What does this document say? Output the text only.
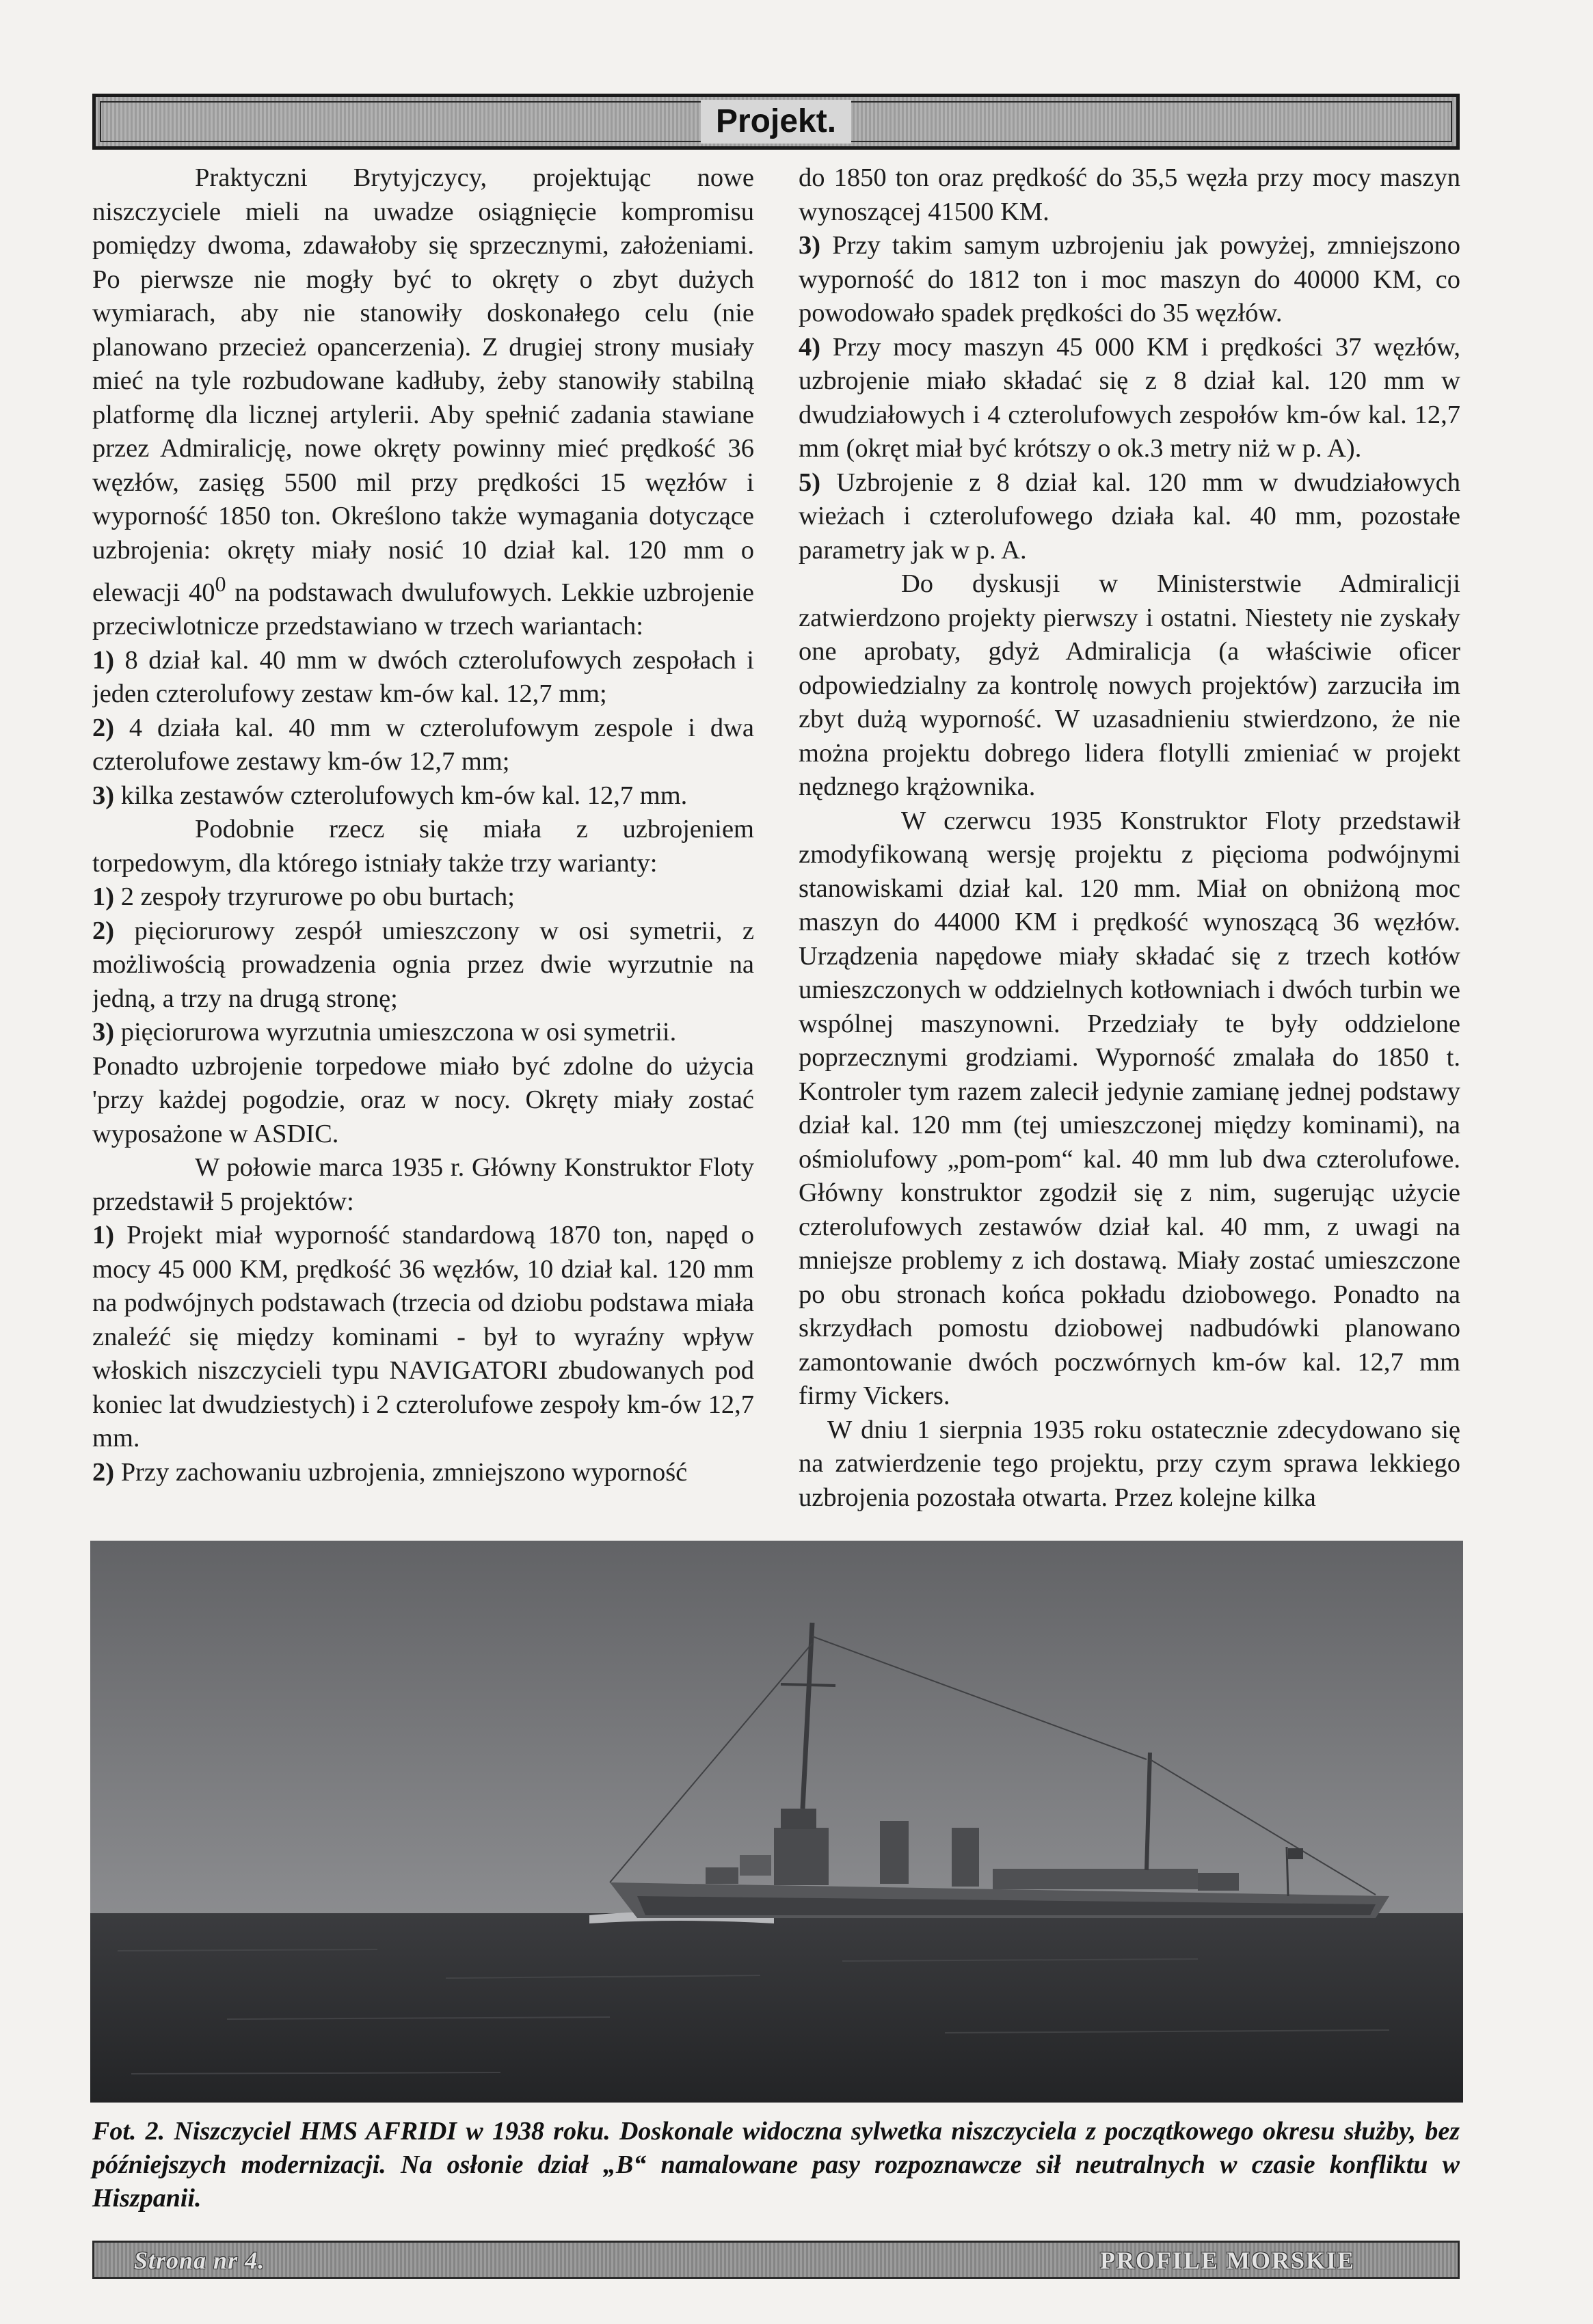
Projekt.

Praktyczni Brytyjczycy, projektując nowe niszczyciele mieli na uwadze osiągnięcie kompromisu pomiędzy dwoma, zdawałoby się sprzecznymi, założeniami. Po pierwsze nie mogły być to okręty o zbyt dużych wymiarach, aby nie stanowiły doskonałego celu (nie planowano przecież opancerzenia). Z drugiej strony musiały mieć na tyle rozbudowane kadłuby, żeby stanowiły stabilną platformę dla licznej artylerii. Aby spełnić zadania stawiane przez Admiralicję, nowe okręty powinny mieć prędkość 36 węzłów, zasięg 5500 mil przy prędkości 15 węzłów i wyporność 1850 ton. Określono także wymagania dotyczące uzbrojenia: okręty miały nosić 10 dział kal. 120 mm o elewacji $40^0$ na podstawach dwulufowych. Lekkie uzbrojenie przeciwlotnicze przedstawiano w trzech wariantach:

1) 8 dział kal. 40 mm w dwóch czterolufowych zespołach i jeden czterolufowy zestaw km-ów kal. 12,7 mm;

2) 4 działa kal. 40 mm w czterolufowym zespole i dwa czterolufowe zestawy km-ów 12,7 mm;

3) kilka zestawów czterolufowych km-ów kal. 12,7 mm.

Podobnie rzecz się miała z uzbrojeniem torpedowym, dla którego istniały także trzy warianty:

1) 2 zespoły trzyrurowe po obu burtach;

2) pięciorurowy zespół umieszczony w osi symetrii, z możliwością prowadzenia ognia przez dwie wyrzutnie na jedną, a trzy na drugą stronę;

3) pięciorurowa wyrzutnia umieszczona w osi symetrii.

Ponadto uzbrojenie torpedowe miało być zdolne do użycia 'przy każdej pogodzie, oraz w nocy. Okręty miały zostać wyposażone w ASDIC.

W połowie marca 1935 r. Główny Konstruktor Floty przedstawił 5 projektów:

1) Projekt miał wyporność standardową 1870 ton, napęd o mocy 45 000 KM, prędkość 36 węzłów, 10 dział kal. 120 mm na podwójnych podstawach (trzecia od dziobu podstawa miała znaleźć się między kominami - był to wyraźny wpływ włoskich niszczycieli typu NAVIGATORI zbudowanych pod koniec lat dwudziestych) i 2 czterolufowe zespoły km-ów 12,7 mm.

2) Przy zachowaniu uzbrojenia, zmniejszono wyporność

do 1850 ton oraz prędkość do 35,5 węzła przy mocy maszyn wynoszącej 41500 KM.

3) Przy takim samym uzbrojeniu jak powyżej, zmniejszono wyporność do 1812 ton i moc maszyn do 40000 KM, co powodowało spadek prędkości do 35 węzłów.

4) Przy mocy maszyn 45 000 KM i prędkości 37 węzłów, uzbrojenie miało składać się z 8 dział kal. 120 mm w dwudziałowych i 4 czterolufowych zespołów km-ów kal. 12,7 mm (okręt miał być krótszy o ok.3 metry niż w p. A).

5) Uzbrojenie z 8 dział kal. 120 mm w dwudziałowych wieżach i czterolufowego działa kal. 40 mm, pozostałe parametry jak w p. A.

Do dyskusji w Ministerstwie Admiralicji zatwierdzono projekty pierwszy i ostatni. Niestety nie zyskały one aprobaty, gdyż Admiralicja (a właściwie oficer odpowiedzialny za kontrolę nowych projektów) zarzuciła im zbyt dużą wyporność. W uzasadnieniu stwierdzono, że nie można projektu dobrego lidera flotylli zmieniać w projekt nędznego krążownika.

W czerwcu 1935 Konstruktor Floty przedstawił zmodyfikowaną wersję projektu z pięcioma podwójnymi stanowiskami dział kal. 120 mm. Miał on obniżoną moc maszyn do 44000 KM i prędkość wynoszącą 36 węzłów. Urządzenia napędowe miały składać się z trzech kotłów umieszczonych w oddzielnych kotłowniach i dwóch turbin we wspólnej maszynowni. Przedziały te były oddzielone poprzecznymi grodziami. Wyporność zmalała do 1850 t. Kontroler tym razem zalecił jedynie zamianę jednej podstawy dział kal. 120 mm (tej umieszczonej między kominami), na ośmiolufowy „pom-pom“ kal. 40 mm lub dwa czterolufowe. Główny konstruktor zgodził się z nim, sugerując użycie czterolufowych zestawów dział kal. 40 mm, z uwagi na mniejsze problemy z ich dostawą. Miały zostać umieszczone po obu stronach końca pokładu dziobowego. Ponadto na skrzydłach pomostu dziobowej nadbudówki planowano zamontowanie dwóch poczwórnych km-ów kal. 12,7 mm firmy Vickers.

W dniu 1 sierpnia 1935 roku ostatecznie zdecydowano się na zatwierdzenie tego projektu, przy czym sprawa lekkiego uzbrojenia pozostała otwarta. Przez kolejne kilka

Fot. 2. Niszczyciel HMS AFRIDI w 1938 roku. Doskonale widoczna sylwetka niszczyciela z początkowego okresu służby, bez późniejszych modernizacji. Na osłonie dział „B“ namalowane pasy rozpoznawcze sił neutralnych w czasie konfliktu w Hiszpanii.

Strona nr 4.	PROFILE MORSKIE
